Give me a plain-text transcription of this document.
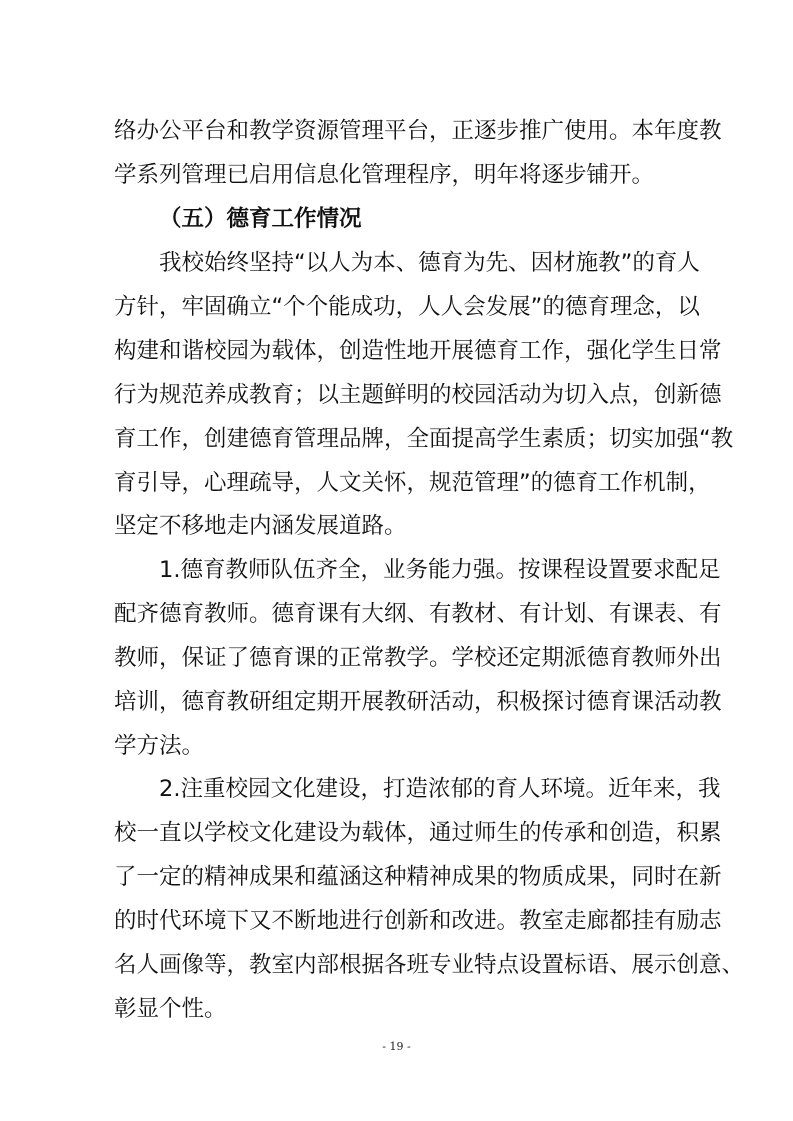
络办公平台和教学资源管理平台，正逐步推广使用。本年度教
学系列管理已启用信息化管理程序，明年将逐步铺开。
（五）德育工作情况
我校始终坚持“以人为本、德育为先、因材施教”的育人
方针，牢固确立“个个能成功，人人会发展”的德育理念，以
构建和谐校园为载体，创造性地开展德育工作，强化学生日常
行为规范养成教育；以主题鲜明的校园活动为切入点，创新德
育工作，创建德育管理品牌，全面提高学生素质；切实加强“教
育引导，心理疏导，人文关怀，规范管理”的德育工作机制，
坚定不移地走内涵发展道路。
1.德育教师队伍齐全，业务能力强。按课程设置要求配足
配齐德育教师。德育课有大纲、有教材、有计划、有课表、有
教师，保证了德育课的正常教学。学校还定期派德育教师外出
培训，德育教研组定期开展教研活动，积极探讨德育课活动教
学方法。
2.注重校园文化建设，打造浓郁的育人环境。近年来，我
校一直以学校文化建设为载体，通过师生的传承和创造，积累
了一定的精神成果和蕴涵这种精神成果的物质成果，同时在新
的时代环境下又不断地进行创新和改进。教室走廊都挂有励志
名人画像等，教室内部根据各班专业特点设置标语、展示创意、
彰显个性。
- 19 -
